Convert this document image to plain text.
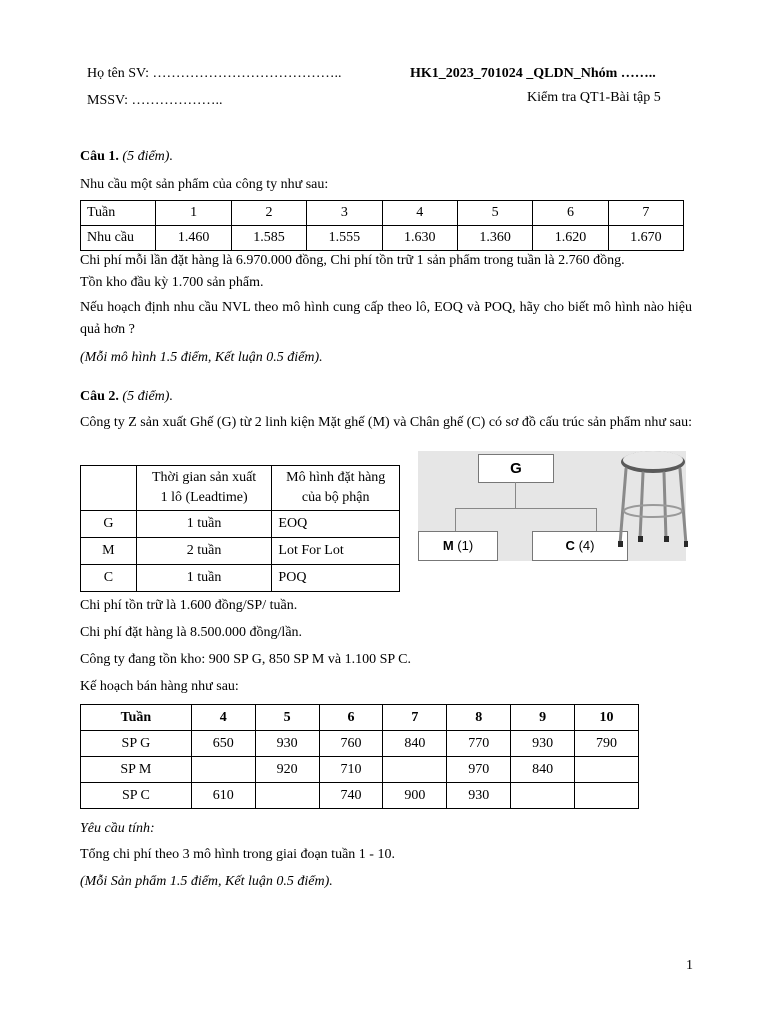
Họ tên SV: …………………………………..	HK1_2023_701024 _QLDN_Nhóm ……..
MSSV: ………………..	Kiểm tra QT1-Bài tập 5
Câu 1. (5 điểm).
Nhu cầu một sản phẩm của công ty như sau:
Tuần	1	2	3	4	5	6	7
Nhu cầu	1.460	1.585	1.555	1.630	1.360	1.620	1.670
Chi phí mỗi lần đặt hàng là 6.970.000 đồng, Chi phí tồn trữ 1 sản phẩm trong tuần là 2.760 đồng.
Tồn kho đầu kỳ 1.700 sản phẩm.

Nếu hoạch định nhu cầu NVL theo mô hình cung cấp theo lô, EOQ và POQ, hãy cho biết mô hình nào hiệu quả hơn ?

(Mỗi mô hình 1.5 điểm, Kết luận 0.5 điểm).
Câu 2. (5 điểm).

Công ty Z sản xuất Ghế (G) từ 2 linh kiện Mặt ghế (M) và Chân ghế (C) có sơ đồ cấu trúc sản phẩm như sau:

	Thời gian sản xuất
1 lô (Leadtime)	Mô hình đặt hàng
của bộ phận
G	1 tuần	EOQ
M	2 tuần	Lot For Lot
C	1 tuần	POQ
G
M (1)	C (4)
Chi phí tồn trữ là 1.600 đồng/SP/ tuần.
Chi phí đặt hàng là 8.500.000 đồng/lần.
Công ty đang tồn kho: 900 SP G, 850 SP M và 1.100 SP C.
Kế hoạch bán hàng như sau:
Tuần	4	5	6	7	8	9	10
SP G	650	930	760	840	770	930	790
SP M		920	710		970	840	
SP C	610		740	900	930		
Yêu cầu tính:
Tổng chi phí theo 3 mô hình trong giai đoạn tuần 1 - 10.
(Mỗi Sản phẩm 1.5 điểm, Kết luận 0.5 điểm).
1
